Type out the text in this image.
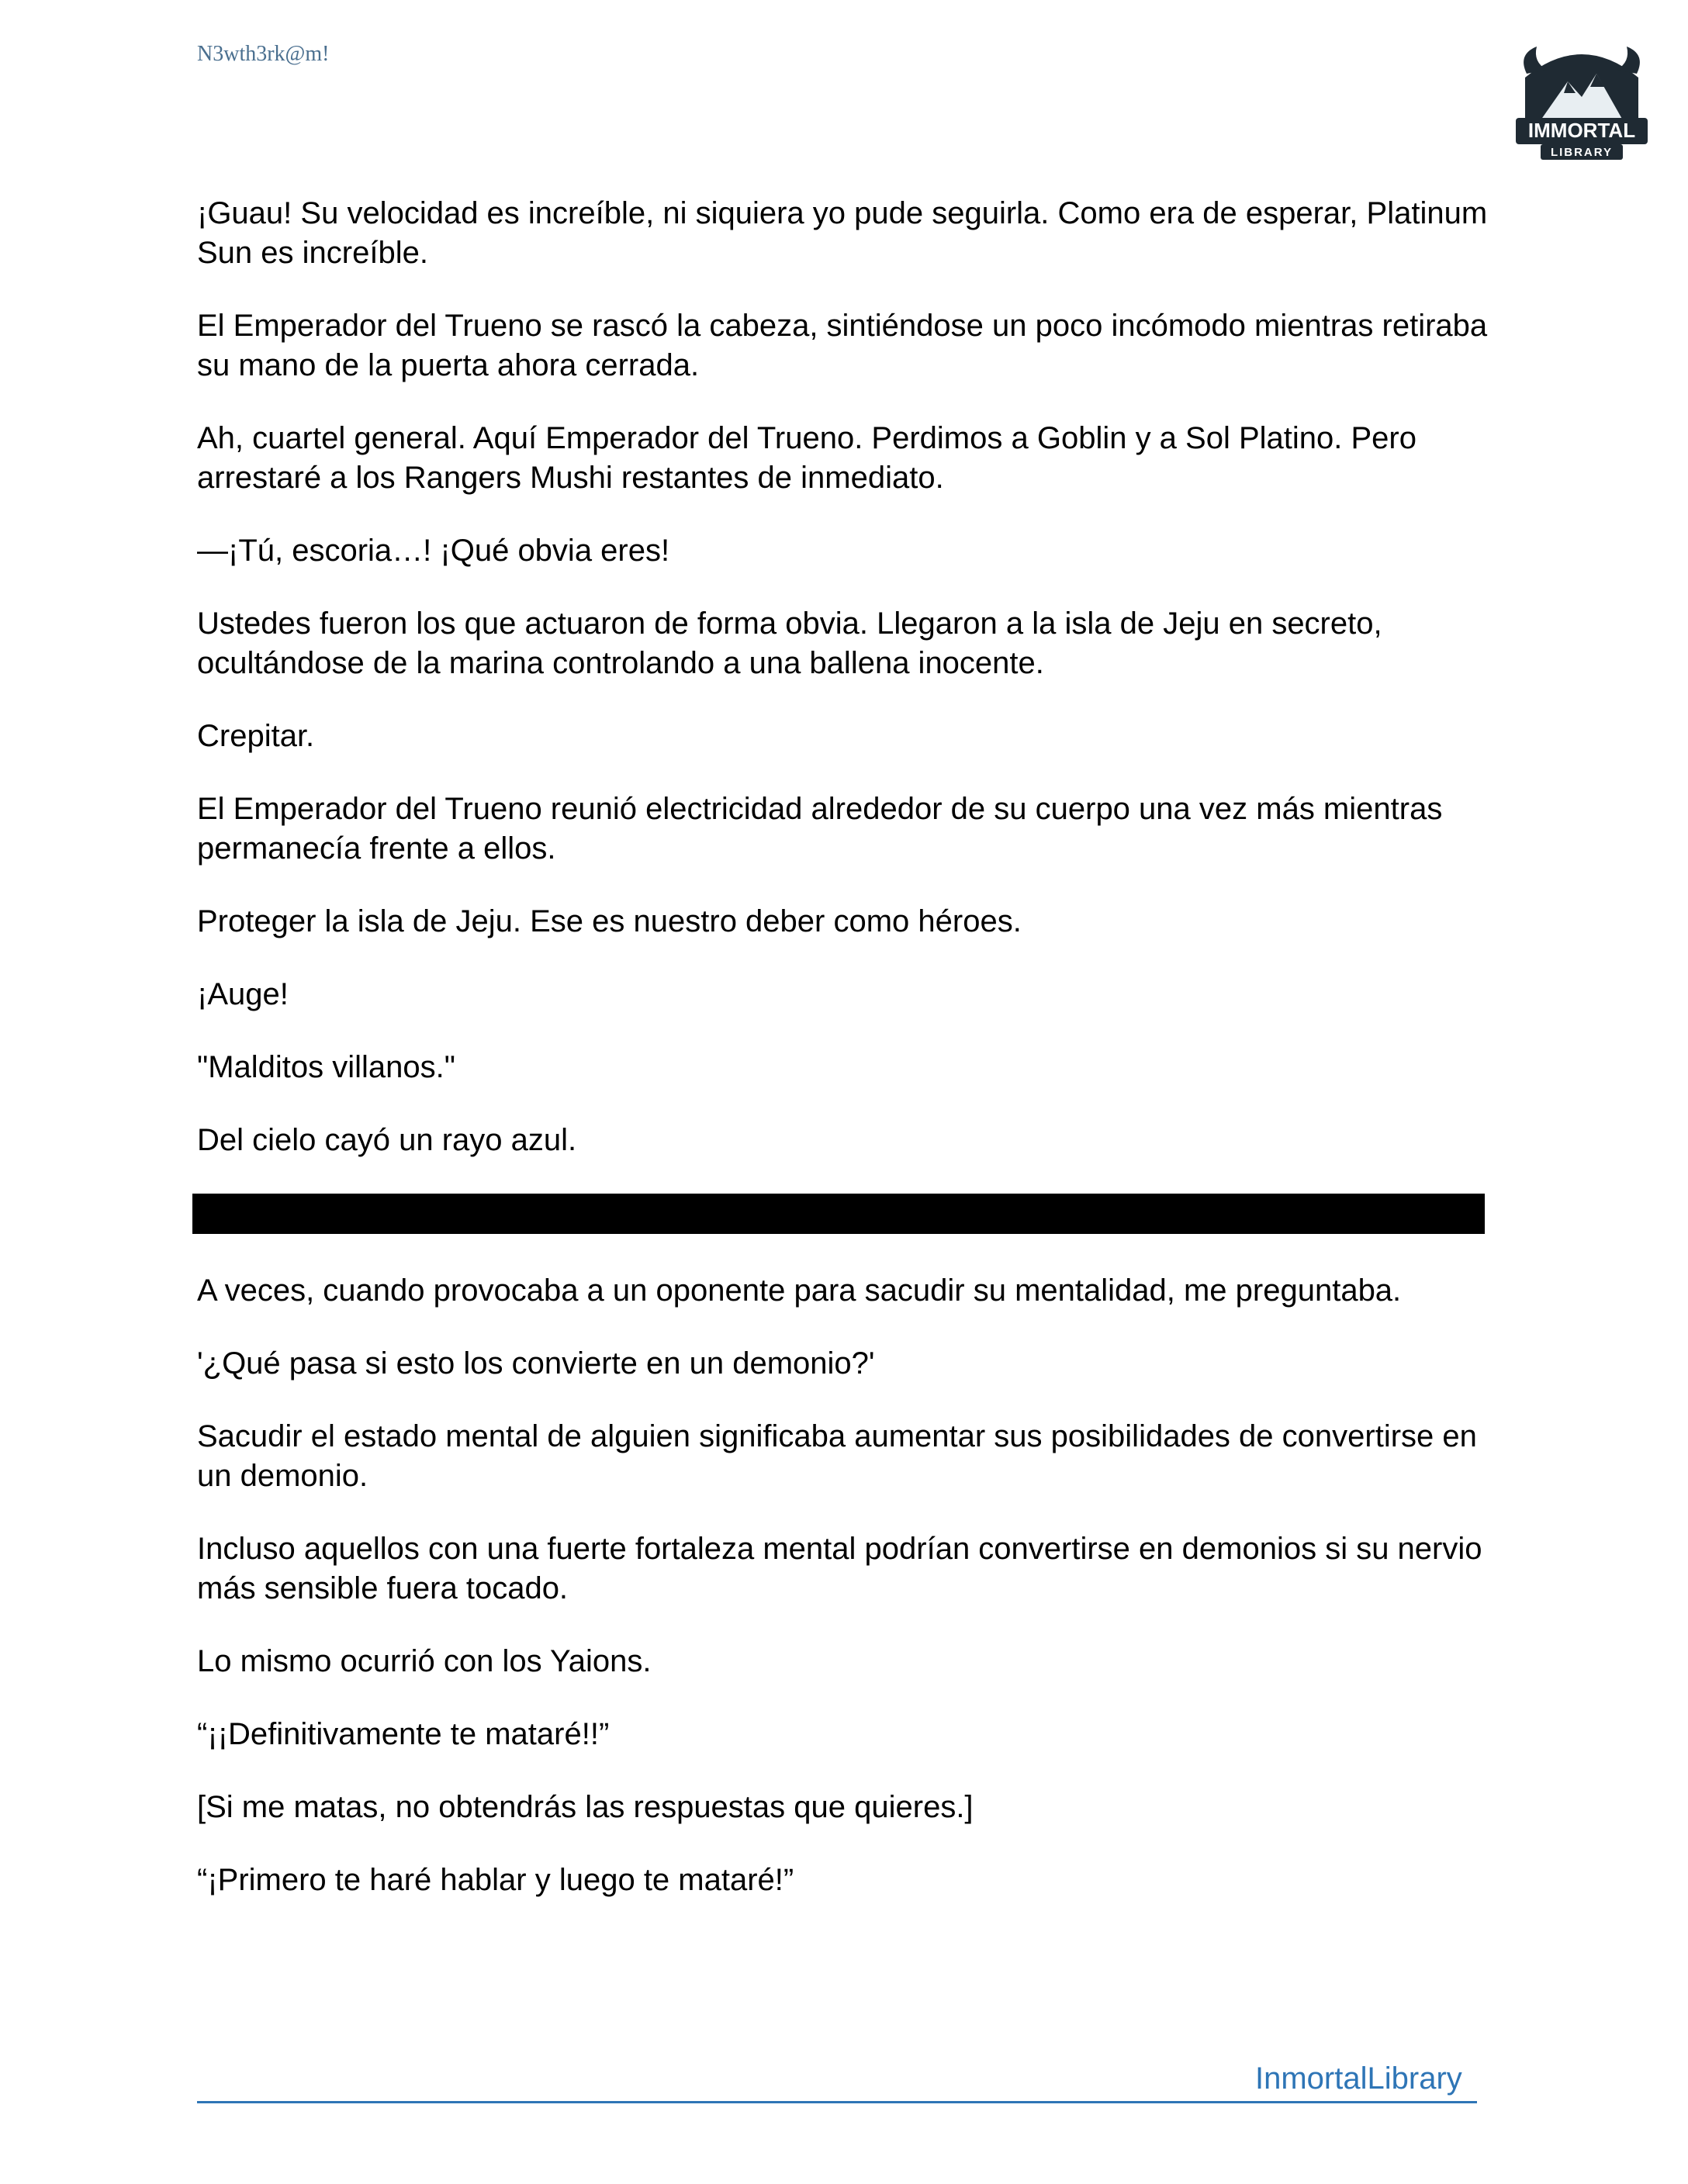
N3wth3rk@m!
IMMORTAL
LIBRARY

¡Guau! Su velocidad es increíble, ni siquiera yo pude seguirla. Como era de esperar, Platinum Sun es increíble.

El Emperador del Trueno se rascó la cabeza, sintiéndose un poco incómodo mientras retiraba su mano de la puerta ahora cerrada.

Ah, cuartel general. Aquí Emperador del Trueno. Perdimos a Goblin y a Sol Platino. Pero arrestaré a los Rangers Mushi restantes de inmediato.

—¡Tú, escoria…! ¡Qué obvia eres!

Ustedes fueron los que actuaron de forma obvia. Llegaron a la isla de Jeju en secreto, ocultándose de la marina controlando a una ballena inocente.

Crepitar.

El Emperador del Trueno reunió electricidad alrededor de su cuerpo una vez más mientras permanecía frente a ellos.

Proteger la isla de Jeju. Ese es nuestro deber como héroes.

¡Auge!

"Malditos villanos."

Del cielo cayó un rayo azul.

A veces, cuando provocaba a un oponente para sacudir su mentalidad, me preguntaba.

'¿Qué pasa si esto los convierte en un demonio?'

Sacudir el estado mental de alguien significaba aumentar sus posibilidades de convertirse en un demonio.

Incluso aquellos con una fuerte fortaleza mental podrían convertirse en demonios si su nervio más sensible fuera tocado.

Lo mismo ocurrió con los Yaions.

“¡¡Definitivamente te mataré!!”

[Si me matas, no obtendrás las respuestas que quieres.]

“¡Primero te haré hablar y luego te mataré!”

InmortalLibrary
